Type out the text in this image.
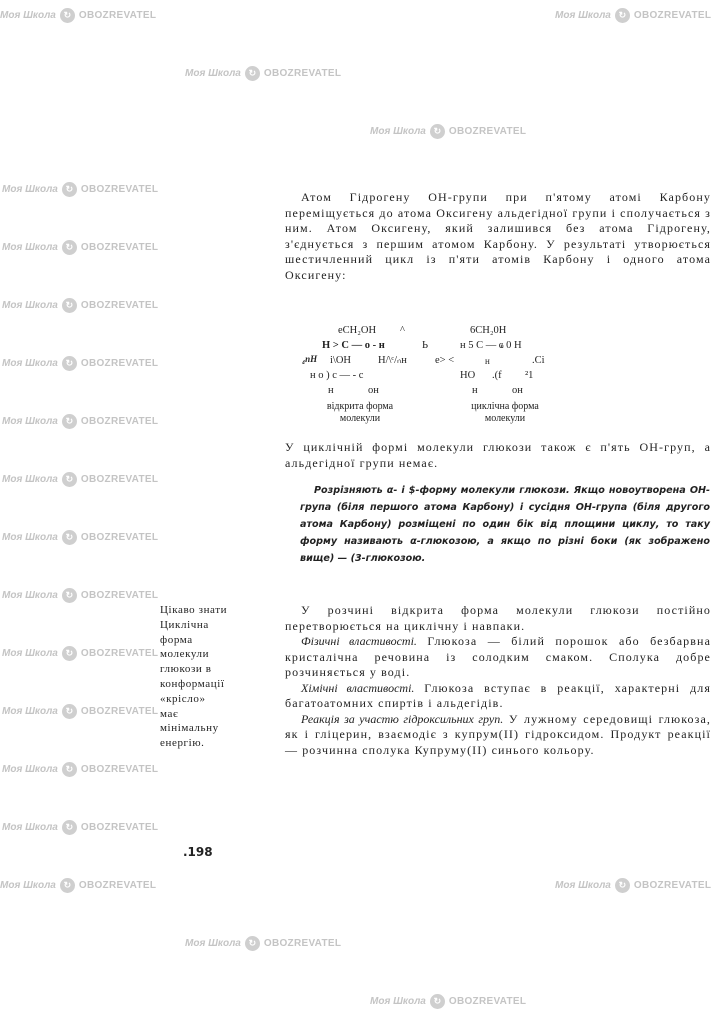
Моя Школа ↻ OBOZREVATEL	Моя Школа ↻ OBOZREVATEL
Моя Школа ↻ OBOZREVATEL
Моя Школа ↻ OBOZREVATEL
Моя Школа ↻ OBOZREVATEL
Моя Школа ↻ OBOZREVATEL
Моя Школа ↻ OBOZREVATEL
Моя Школа ↻ OBOZREVATEL
Моя Школа ↻ OBOZREVATEL
Моя Школа ↻ OBOZREVATEL
Моя Школа ↻ OBOZREVATEL
Моя Школа ↻ OBOZREVATEL
Моя Школа ↻ OBOZREVATEL
Моя Школа ↻ OBOZREVATEL
Моя Школа ↻ OBOZREVATEL
Моя Школа ↻ OBOZREVATEL
Моя Школа ↻ OBOZREVATEL	Моя Школа ↻ OBOZREVATEL
Моя Школа ↻ OBOZREVATEL
Моя Школа ↻ OBOZREVATEL

Атом Гідрогену ОН-групи при п'ятому атомі Карбону переміщується до атома Оксигену альдегідної групи і сполучається з ним. Атом Оксигену, який залишився без атома Гідрогену, з'єднується з першим атомом Карбону. У результаті утворюється шестичленний цикл із п'яти атомів Карбону і одного атома Оксигену:

eCH₂OH ^	6CH₂0H
H > C — o - н	Ь	н 5 C — ҩ 0 H
₄пН i\OH	H/\ᶜ/ₙн	e> <	н	.Ci
н о ) с — - с	HO .(f ²1
н	он	н	он
відкрита форма
молекули
циклічна форма
молекули

У циклічній формі молекули глюкози також є п'ять ОН-груп, а альдегідної групи немає.

Розрізняють α- і $-форму молекули глюкози. Якщо новоутворена ОН-група (біля першого атома Карбону) і сусідня ОН-група (біля другого атома Карбону) розміщені по один бік від площини циклу, то таку форму називають α-глюкозою, а якщо по різні боки (як зображено вище) — (3-глюкозою.

Цікаво знати
Циклічна
форма
молекули
глюкози в
конформації
«крісло»
має
мінімальну
енергію.

У розчині відкрита форма молекули глюкози постійно перетворюється на циклічну і навпаки.

Фізичні властивості. Глюкоза — білий порошок або безбарвна кристалічна речовина із солодким смаком. Сполука добре розчиняється у воді.

Хімічні властивості. Глюкоза вступає в реакції, характерні для багатоатомних спиртів і альдегідів.

Реакція за участю гідроксильних груп. У лужному середовищі глюкоза, як і гліцерин, взаємодіє з купрум(II) гідроксидом. Продукт реакції — розчинна сполука Купруму(II) синього кольору.

.198
